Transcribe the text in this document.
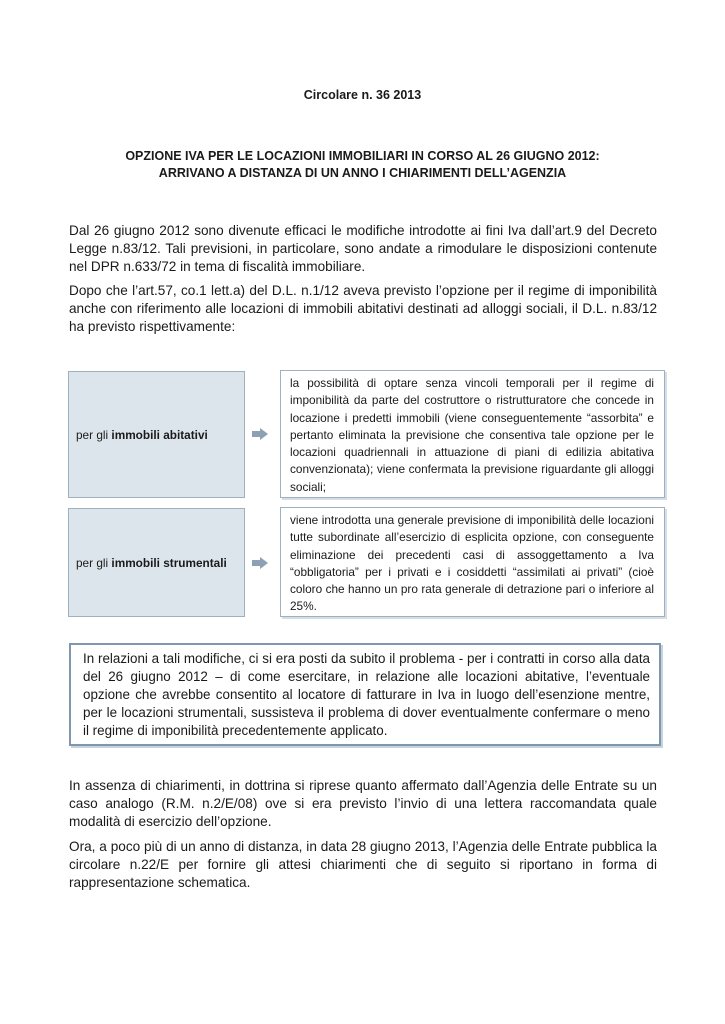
Circolare n. 36 2013
OPZIONE IVA PER LE LOCAZIONI IMMOBILIARI IN CORSO AL 26 GIUGNO 2012:
ARRIVANO A DISTANZA DI UN ANNO I CHIARIMENTI DELL’AGENZIA

Dal 26 giugno 2012 sono divenute efficaci le modifiche introdotte ai fini Iva dall’art.9 del Decreto Legge n.83/12. Tali previsioni, in particolare, sono andate a rimodulare le disposizioni contenute nel DPR n.633/72 in tema di fiscalità immobiliare.

Dopo che l’art.57, co.1 lett.a) del D.L. n.1/12 aveva previsto l’opzione per il regime di imponibilità anche con riferimento alle locazioni di immobili abitativi destinati ad alloggi sociali, il D.L. n.83/12 ha previsto rispettivamente:

per gli immobili abitativi
la possibilità di optare senza vincoli temporali per il regime di imponibilità da parte del costruttore o ristrutturatore che concede in locazione i predetti immobili (viene conseguentemente “assorbita” e pertanto eliminata la previsione che consentiva tale opzione per le locazioni quadriennali in attuazione di piani di edilizia abitativa convenzionata); viene confermata la previsione riguardante gli alloggi sociali;
per gli immobili strumentali
viene introdotta una generale previsione di imponibilità delle locazioni tutte subordinate all’esercizio di esplicita opzione, con conseguente eliminazione dei precedenti casi di assoggettamento a Iva “obbligatoria” per i privati e i cosiddetti “assimilati ai privati” (cioè coloro che hanno un pro rata generale di detrazione pari o inferiore al 25%.
In relazioni a tali modifiche, ci si era posti da subito il problema - per i contratti in corso alla data del 26 giugno 2012 – di come esercitare, in relazione alle locazioni abitative, l’eventuale opzione che avrebbe consentito al locatore di fatturare in Iva in luogo dell’esenzione mentre, per le locazioni strumentali, sussisteva il problema di dover eventualmente confermare o meno il regime di imponibilità precedentemente applicato.

In assenza di chiarimenti, in dottrina si riprese quanto affermato dall’Agenzia delle Entrate su un caso analogo (R.M. n.2/E/08) ove si era previsto l’invio di una lettera raccomandata quale modalità di esercizio dell’opzione.

Ora, a poco più di un anno di distanza, in data 28 giugno 2013, l’Agenzia delle Entrate pubblica la circolare n.22/E per fornire gli attesi chiarimenti che di seguito si riportano in forma di rappresentazione schematica.
